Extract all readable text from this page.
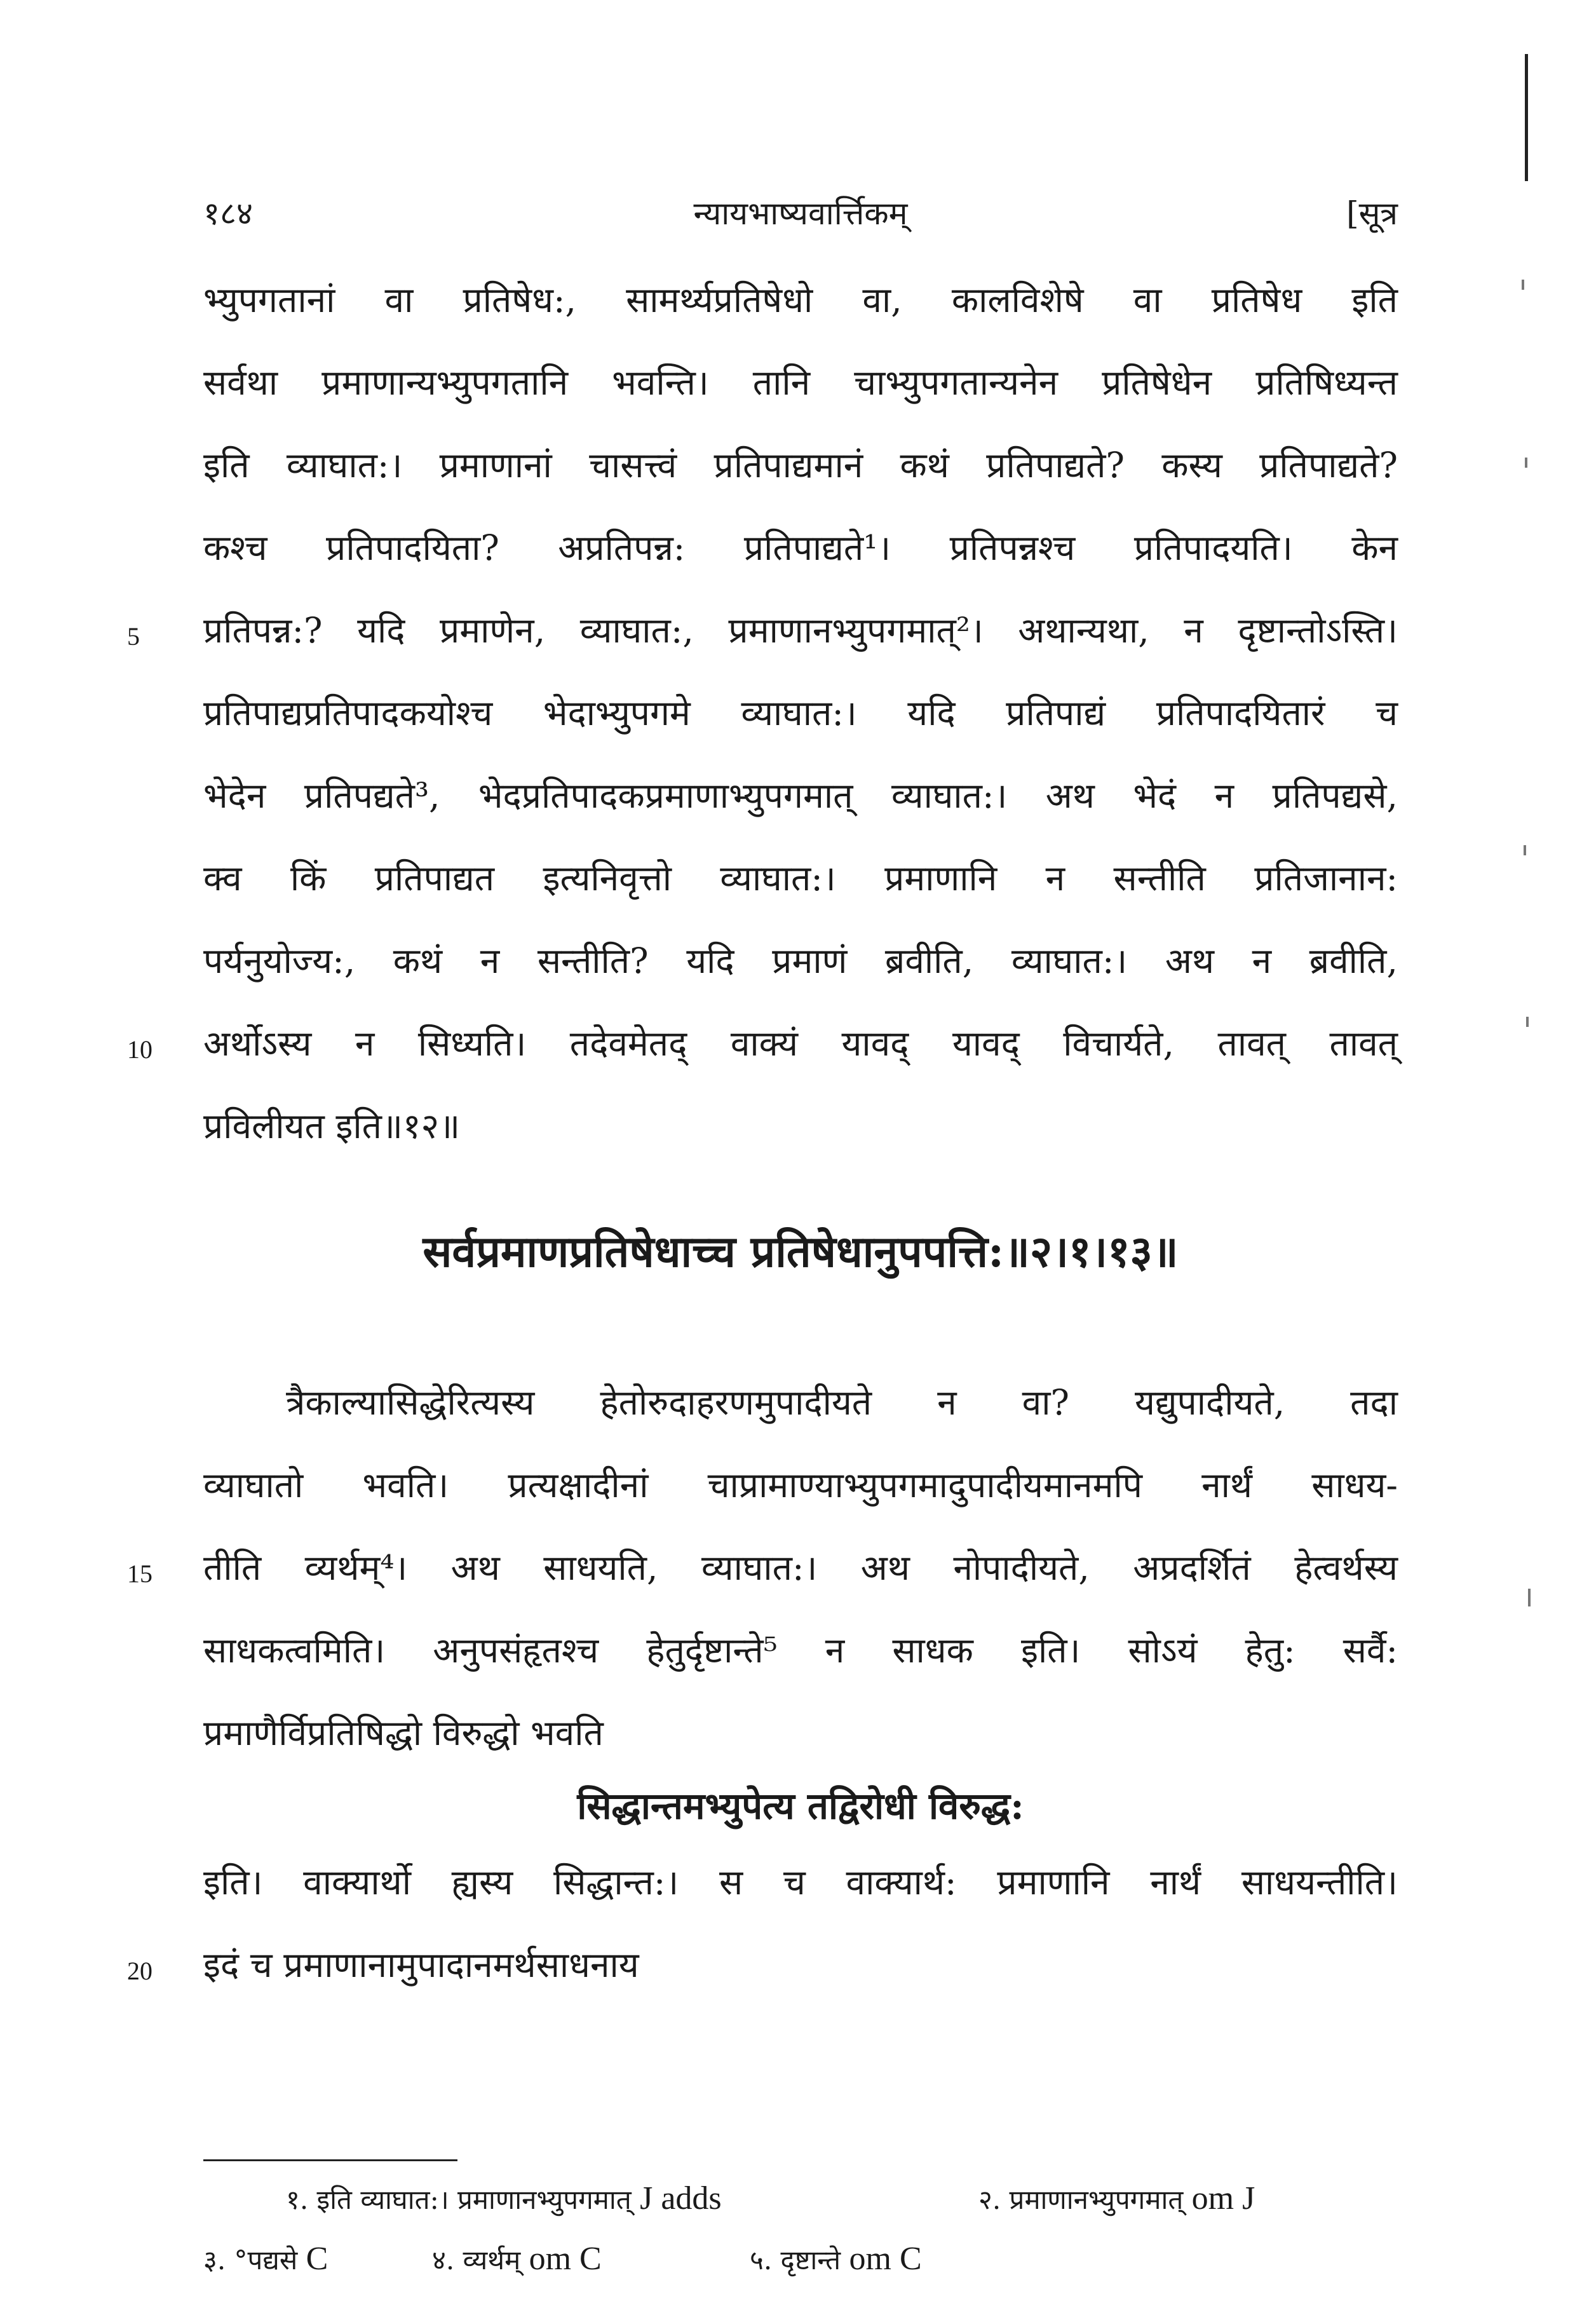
१८४	न्यायभाष्यवार्त्तिकम्	[सूत्र
भ्युपगतानां वा प्रतिषेध:, सामर्थ्यप्रतिषेधो वा, कालविशेषे वा प्रतिषेध इति
सर्वथा प्रमाणान्यभ्युपगतानि भवन्ति। तानि चाभ्युपगतान्यनेन प्रतिषेधेन प्रतिषिध्यन्त
इति व्याघात:। प्रमाणानां चासत्त्वं प्रतिपाद्यमानं कथं प्रतिपाद्यते? कस्य प्रतिपाद्यते?
कश्च प्रतिपादयिता? अप्रतिपन्न: प्रतिपाद्यते¹। प्रतिपन्नश्च प्रतिपादयति। केन
प्रतिपन्न:? यदि प्रमाणेन, व्याघात:, प्रमाणानभ्युपगमात्²। अथान्यथा, न दृष्टान्तोऽस्ति।
प्रतिपाद्यप्रतिपादकयोश्च भेदाभ्युपगमे व्याघात:। यदि प्रतिपाद्यं प्रतिपादयितारं च
भेदेन प्रतिपद्यते³, भेदप्रतिपादकप्रमाणाभ्युपगमात् व्याघात:। अथ भेदं न प्रतिपद्यसे,
क्व किं प्रतिपाद्यत इत्यनिवृत्तो व्याघात:। प्रमाणानि न सन्तीति प्रतिजानान:
पर्यनुयोज्य:, कथं न सन्तीति? यदि प्रमाणं ब्रवीति, व्याघात:। अथ न ब्रवीति,
अर्थोऽस्य न सिध्यति। तदेवमेतद् वाक्यं यावद् यावद् विचार्यते, तावत् तावत्
प्रविलीयत इति॥१२॥
सर्वप्रमाणप्रतिषेधाच्च प्रतिषेधानुपपत्ति:॥२।१।१३॥
त्रैकाल्यासिद्धेरित्यस्य हेतोरुदाहरणमुपादीयते न वा? यद्युपादीयते, तदा
व्याघातो भवति। प्रत्यक्षादीनां चाप्रामाण्याभ्युपगमादुपादीयमानमपि नार्थं साधय-
तीति व्यर्थम्⁴। अथ साधयति, व्याघात:। अथ नोपादीयते, अप्रदर्शितं हेत्वर्थस्य
साधकत्वमिति। अनुपसंहृतश्च हेतुर्दृष्टान्ते⁵ न साधक इति। सोऽयं हेतु: सर्वै:
प्रमाणैर्विप्रतिषिद्धो विरुद्धो भवति
सिद्धान्तमभ्युपेत्य तद्विरोधी विरुद्ध:
इति। वाक्यार्थो ह्यस्य सिद्धान्त:। स च वाक्यार्थ: प्रमाणानि नार्थं साधयन्तीति।
इदं च प्रमाणानामुपादानमर्थसाधनाय
5
10
15
20
१. इति व्याघात:। प्रमाणानभ्युपगमात् J adds	२. प्रमाणानभ्युपगमात् om J
३. °पद्यसे C	४. व्यर्थम् om C	५. दृष्टान्ते om C
